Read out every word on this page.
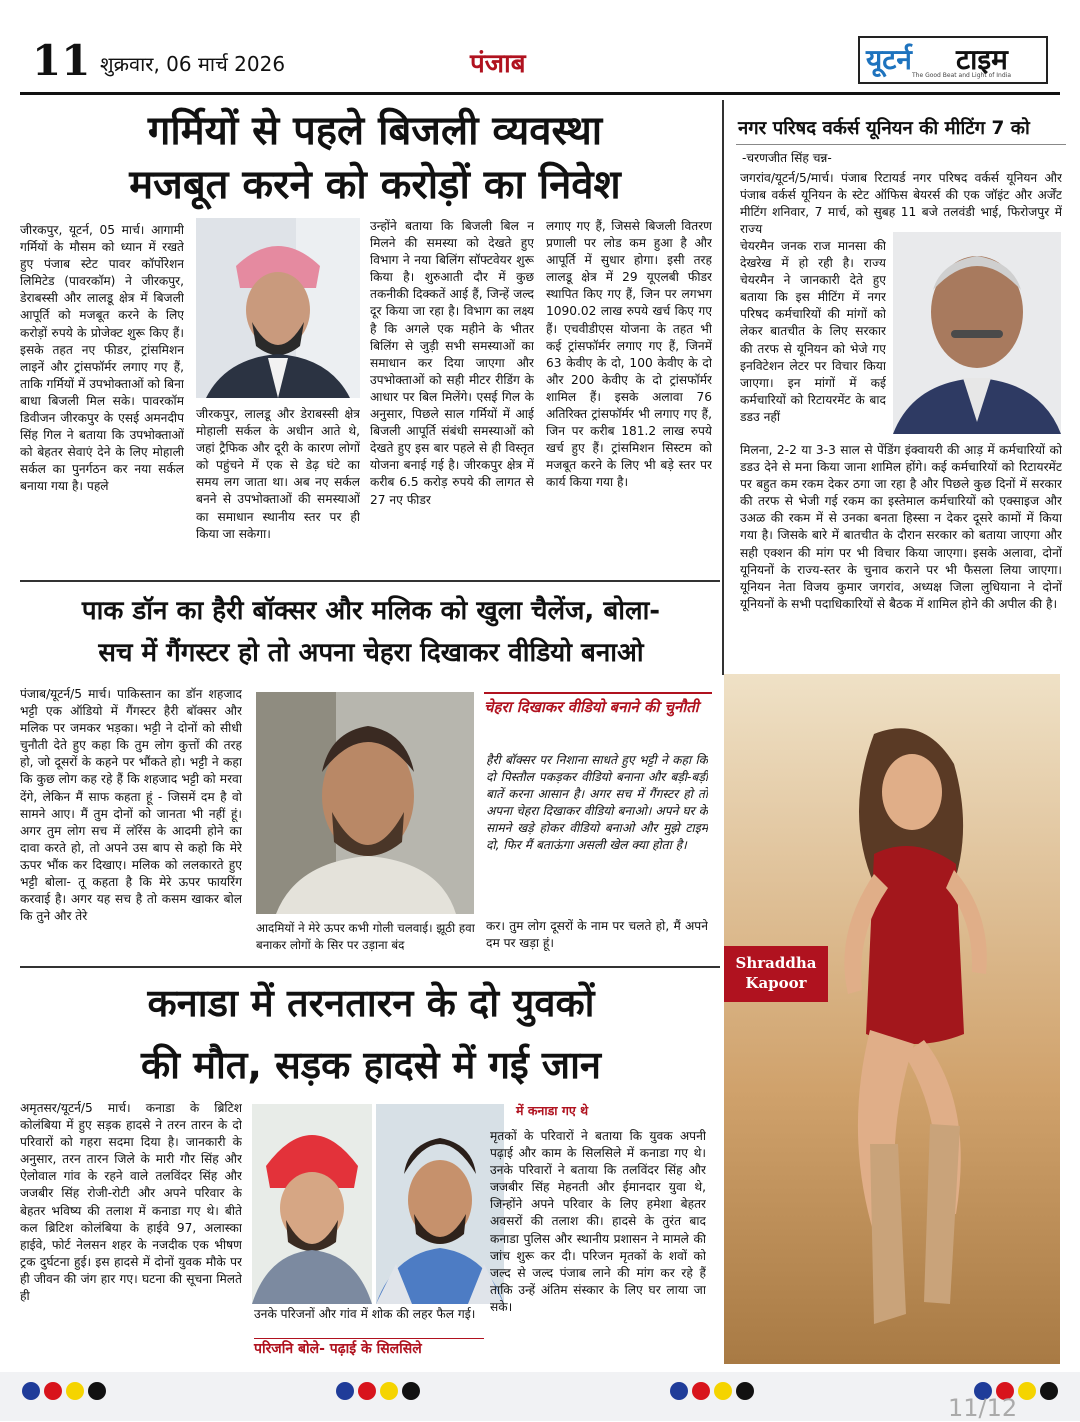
11 शुक्रवार, 06 मार्च 2026	पंजाब	यूटर्न टाइम
The Good Beat and Light of India
गर्मियों से पहले बिजली व्यवस्था
मजबूत करने को करोड़ों का निवेश
जीरकपुर, यूटर्न, 05 मार्च। आगामी गर्मियों के मौसम को ध्यान में रखते हुए पंजाब स्टेट पावर कॉर्पोरेशन लिमिटेड (पावरकॉम) ने जीरकपुर, डेराबस्सी और लालडू क्षेत्र में बिजली आपूर्ति को मजबूत करने के लिए करोड़ों रुपये के प्रोजेक्ट शुरू किए हैं। इसके तहत नए फीडर, ट्रांसमिशन लाइनें और ट्रांसफॉर्मर लगाए गए हैं, ताकि गर्मियों में उपभोक्ताओं को बिना बाधा बिजली मिल सके। पावरकॉम डिवीजन जीरकपुर के एसई अमनदीप सिंह गिल ने बताया कि उपभोक्ताओं को बेहतर सेवाएं देने के लिए मोहाली सर्कल का पुनर्गठन कर नया सर्कल बनाया गया है। पहले
जीरकपुर, लालडू और डेराबस्सी क्षेत्र मोहाली सर्कल के अधीन आते थे, जहां ट्रैफिक और दूरी के कारण लोगों को पहुंचने में एक से डेढ़ घंटे का समय लग जाता था। अब नए सर्कल बनने से उपभोक्ताओं की समस्याओं का समाधान स्थानीय स्तर पर ही किया जा सकेगा।
उन्होंने बताया कि बिजली बिल न मिलने की समस्या को देखते हुए विभाग ने नया बिलिंग सॉफ्टवेयर शुरू किया है। शुरुआती दौर में कुछ तकनीकी दिक्कतें आई हैं, जिन्हें जल्द दूर किया जा रहा है। विभाग का लक्ष्य है कि अगले एक महीने के भीतर बिलिंग से जुड़ी सभी समस्याओं का समाधान कर दिया जाएगा और उपभोक्ताओं को सही मीटर रीडिंग के आधार पर बिल मिलेंगे। एसई गिल के अनुसार, पिछले साल गर्मियों में आई बिजली आपूर्ति संबंधी समस्याओं को देखते हुए इस बार पहले से ही विस्तृत योजना बनाई गई है। जीरकपुर क्षेत्र में करीब 6.5 करोड़ रुपये की लागत से 27 नए फीडर
लगाए गए हैं, जिससे बिजली वितरण प्रणाली पर लोड कम हुआ है और आपूर्ति में सुधार होगा। इसी तरह लालडू क्षेत्र में 29 यूएलबी फीडर स्थापित किए गए हैं, जिन पर लगभग 1090.02 लाख रुपये खर्च किए गए हैं। एचवीडीएस योजना के तहत भी कई ट्रांसफॉर्मर लगाए गए हैं, जिनमें 63 केवीए के दो, 100 केवीए के दो और 200 केवीए के दो ट्रांसफॉर्मर शामिल हैं। इसके अलावा 76 अतिरिक्त ट्रांसफॉर्मर भी लगाए गए हैं, जिन पर करीब 181.2 लाख रुपये खर्च हुए हैं। ट्रांसमिशन सिस्टम को मजबूत करने के लिए भी बड़े स्तर पर कार्य किया गया है।
नगर परिषद वर्कर्स यूनियन की मीटिंग 7 को
-चरणजीत सिंह चन्न-
जगरांव/यूटर्न/5/मार्च। पंजाब रिटायर्ड नगर परिषद वर्कर्स यूनियन और पंजाब वर्कर्स यूनियन के स्टेट ऑफिस बेयरर्स की एक जॉइंट और अर्जेंट मीटिंग शनिवार, 7 मार्च, को सुबह 11 बजे तलवंडी भाई, फिरोजपुर में राज्य
चेयरमैन जनक राज मानसा की देखरेख में हो रही है। राज्य चेयरमैन ने जानकारी देते हुए बताया कि इस मीटिंग में नगर परिषद कर्मचारियों की मांगों को लेकर बातचीत के लिए सरकार की तरफ से यूनियन को भेजे गए इनविटेशन लेटर पर विचार किया जाएगा। इन मांगों में कई कर्मचारियों को रिटायरमेंट के बाद डडउ नहीं
मिलना, 2-2 या 3-3 साल से पेंडिंग इंक्वायरी की आड़ में कर्मचारियों को डडउ देने से मना किया जाना शामिल होंगे। कई कर्मचारियों को रिटायरमेंट पर बहुत कम रकम देकर ठगा जा रहा है और पिछले कुछ दिनों में सरकार की तरफ से भेजी गई रकम का इस्तेमाल कर्मचारियों को एक्साइज और उअळ की रकम में से उनका बनता हिस्सा न देकर दूसरे कामों में किया गया है। जिसके बारे में बातचीत के दौरान सरकार को बताया जाएगा और सही एक्शन की मांग पर भी विचार किया जाएगा। इसके अलावा, दोनों यूनियनों के राज्य-स्तर के चुनाव कराने पर भी फैसला लिया जाएगा। यूनियन नेता विजय कुमार जगरांव, अध्यक्ष जिला लुधियाना ने दोनों यूनियनों के सभी पदाधिकारियों से बैठक में शामिल होने की अपील की है।
पाक डॉन का हैरी बॉक्सर और मलिक को खुला चैलेंज, बोला-
सच में गैंगस्टर हो तो अपना चेहरा दिखाकर वीडियो बनाओ
पंजाब/यूटर्न/5 मार्च। पाकिस्तान का डॉन शहजाद भट्टी एक ऑडियो में गैंगस्टर हैरी बॉक्सर और मलिक पर जमकर भड़का। भट्टी ने दोनों को सीधी चुनौती देते हुए कहा कि तुम लोग कुत्तों की तरह हो, जो दूसरों के कहने पर भौंकते हो। भट्टी ने कहा कि कुछ लोग कह रहे हैं कि शहजाद भट्टी को मरवा देंगे, लेकिन मैं साफ कहता हूं - जिसमें दम है वो सामने आए। मैं तुम दोनों को जानता भी नहीं हूं। अगर तुम लोग सच में लॉरेंस के आदमी होने का दावा करते हो, तो अपने उस बाप से कहो कि मेरे ऊपर भौंक कर दिखाए। मलिक को ललकारते हुए भट्टी बोला- तू कहता है कि मेरे ऊपर फायरिंग करवाई है। अगर यह सच है तो कसम खाकर बोल कि तुने और तेरे
आदमियों ने मेरे ऊपर कभी गोली चलवाई। झूठी हवा बनाकर लोगों के सिर पर उड़ाना बंद
चेहरा दिखाकर वीडियो बनाने की चुनौती
हैरी बॉक्सर पर निशाना साधते हुए भट्टी ने कहा कि दो पिस्तौल पकड़कर वीडियो बनाना और बड़ी-बड़ी बातें करना आसान है। अगर सच में गैंगस्टर हो तो अपना चेहरा दिखाकर वीडियो बनाओ। अपने घर के सामने खड़े होकर वीडियो बनाओ और मुझे टाइम दो, फिर मैं बताऊंगा असली खेल क्या होता है।
कर। तुम लोग दूसरों के नाम पर चलते हो, मैं अपने दम पर खड़ा हूं।
कनाडा में तरनतारन के दो युवकों
की मौत, सड़क हादसे में गई जान
अमृतसर/यूटर्न/5 मार्च। कनाडा के ब्रिटिश कोलंबिया में हुए सड़क हादसे ने तरन तारन के दो परिवारों को गहरा सदमा दिया है। जानकारी के अनुसार, तरन तारन जिले के मारी गौर सिंह और ऐलोवाल गांव के रहने वाले तलविंदर सिंह और जजबीर सिंह रोजी-रोटी और अपने परिवार के बेहतर भविष्य की तलाश में कनाडा गए थे। बीते कल ब्रिटिश कोलंबिया के हाईवे 97, अलास्का हाईवे, फोर्ट नेलसन शहर के नजदीक एक भीषण ट्रक दुर्घटना हुई। इस हादसे में दोनों युवक मौके पर ही जीवन की जंग हार गए। घटना की सूचना मिलते ही
उनके परिजनों और गांव में शोक की लहर फैल गई।
परिजनि बोले- पढ़ाई के सिलसिले
में कनाडा गए थे
मृतकों के परिवारों ने बताया कि युवक अपनी पढ़ाई और काम के सिलसिले में कनाडा गए थे। उनके परिवारों ने बताया कि तलविंदर सिंह और जजबीर सिंह मेहनती और ईमानदार युवा थे, जिन्होंने अपने परिवार के लिए हमेशा बेहतर अवसरों की तलाश की। हादसे के तुरंत बाद कनाडा पुलिस और स्थानीय प्रशासन ने मामले की जांच शुरू कर दी। परिजन मृतकों के शवों को जल्द से जल्द पंजाब लाने की मांग कर रहे हैं ताकि उन्हें अंतिम संस्कार के लिए घर लाया जा सके।
Shraddha
Kapoor
11/12
